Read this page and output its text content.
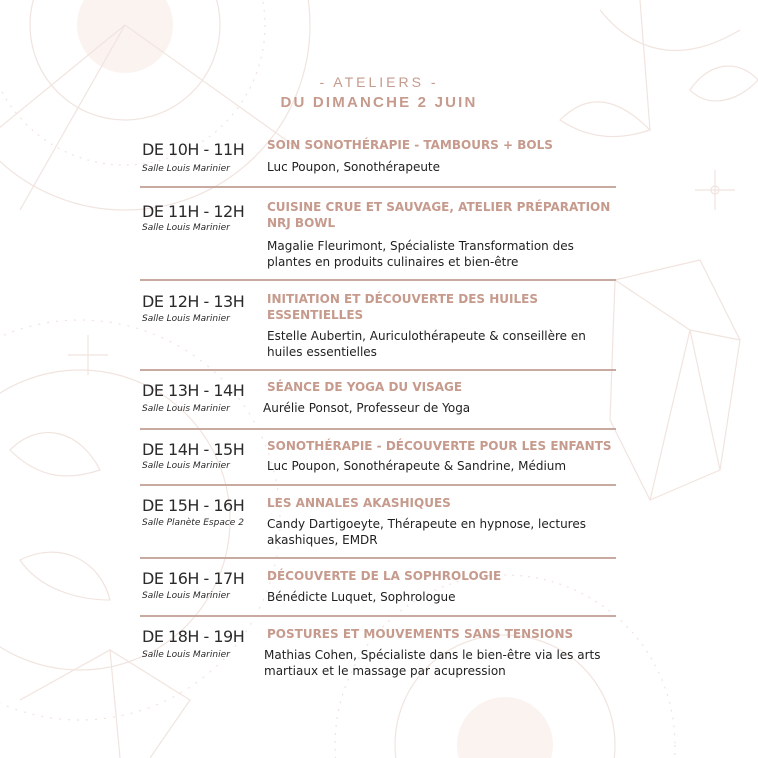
- ATELIERS -
DU DIMANCHE 2 JUIN
DE 10H - 11H
Salle Louis Marinier
SOIN SONOTHÉRAPIE - TAMBOURS + BOLS
Luc Poupon, Sonothérapeute
DE 11H - 12H
Salle Louis Marinier
CUISINE CRUE ET SAUVAGE, ATELIER PRÉPARATION NRJ BOWL
Magalie Fleurimont, Spécialiste Transformation des plantes en produits culinaires et bien-être
DE 12H - 13H
Salle Louis Marinier
INITIATION ET DÉCOUVERTE DES HUILES ESSENTIELLES
Estelle Aubertin, Auriculothérapeute & conseillère en huiles essentielles
DE 13H - 14H
Salle Louis Marinier
SÉANCE DE YOGA DU VISAGE
Aurélie Ponsot, Professeur de Yoga
DE 14H - 15H
Salle Louis Marinier
SONOTHÉRAPIE - DÉCOUVERTE POUR LES ENFANTS
Luc Poupon, Sonothérapeute & Sandrine, Médium
DE 15H - 16H
Salle Planète Espace 2
LES ANNALES AKASHIQUES
Candy Dartigoeyte, Thérapeute en hypnose, lectures akashiques, EMDR
DE 16H - 17H
Salle Louis Marinier
DÉCOUVERTE DE LA SOPHROLOGIE
Bénédicte Luquet, Sophrologue
DE 18H - 19H
Salle Louis Marinier
POSTURES ET MOUVEMENTS SANS TENSIONS
Mathias Cohen, Spécialiste dans le bien-être via les arts martiaux et le massage par acupression
